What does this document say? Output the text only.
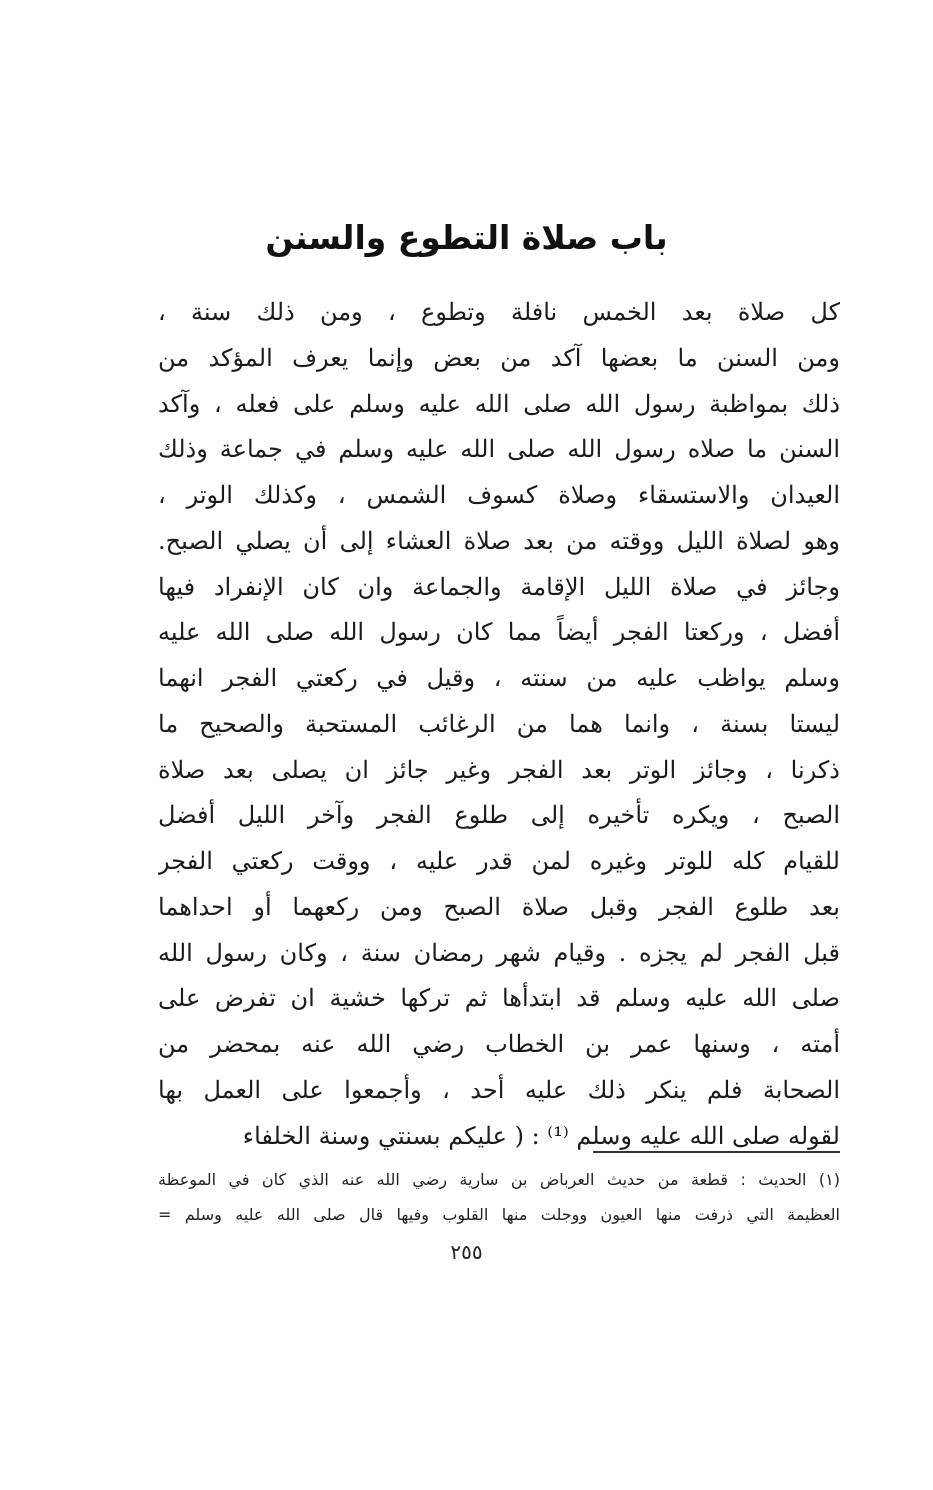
باب صلاة التطوع والسنن
كل صلاة بعد الخمس نافلة وتطوع ، ومن ذلك سنة ،
ومن السنن ما بعضها آكد من بعض وإنما يعرف المؤكد من
ذلك بمواظبة رسول الله صلى الله عليه وسلم على فعله ، وآكد
السنن ما صلاه رسول الله صلى الله عليه وسلم في جماعة وذلك
العيدان والاستسقاء وصلاة كسوف الشمس ، وكذلك الوتر ،
وهو لصلاة الليل ووقته من بعد صلاة العشاء إلى أن يصلي الصبح.
وجائز في صلاة الليل الإقامة والجماعة وان كان الإنفراد فيها
أفضل ، وركعتا الفجر أيضاً مما كان رسول الله صلى الله عليه
وسلم يواظب عليه من سنته ، وقيل في ركعتي الفجر انهما
ليستا بسنة ، وانما هما من الرغائب المستحبة والصحيح ما
ذكرنا ، وجائز الوتر بعد الفجر وغير جائز ان يصلى بعد صلاة
الصبح ، ويكره تأخيره إلى طلوع الفجر وآخر الليل أفضل
للقيام كله للوتر وغيره لمن قدر عليه ، ووقت ركعتي الفجر
بعد طلوع الفجر وقبل صلاة الصبح ومن ركعهما أو احداهما
قبل الفجر لم يجزه . وقيام شهر رمضان سنة ، وكان رسول الله
صلى الله عليه وسلم قد ابتدأها ثم تركها خشية ان تفرض على
أمته ، وسنها عمر بن الخطاب رضي الله عنه بمحضر من
الصحابة فلم ينكر ذلك عليه أحد ، وأجمعوا على العمل بها
لقوله صلى الله عليه وسلم ⁽¹⁾ : ( عليكم بسنتي وسنة الخلفاء
(١) الحديث : قطعة من حديث العرباض بن سارية رضي الله عنه الذي كان في الموعظة
العظيمة التي ذرفت منها العيون ووجلت منها القلوب وفيها قال صلى الله عليه وسلم =
٢٥٥
